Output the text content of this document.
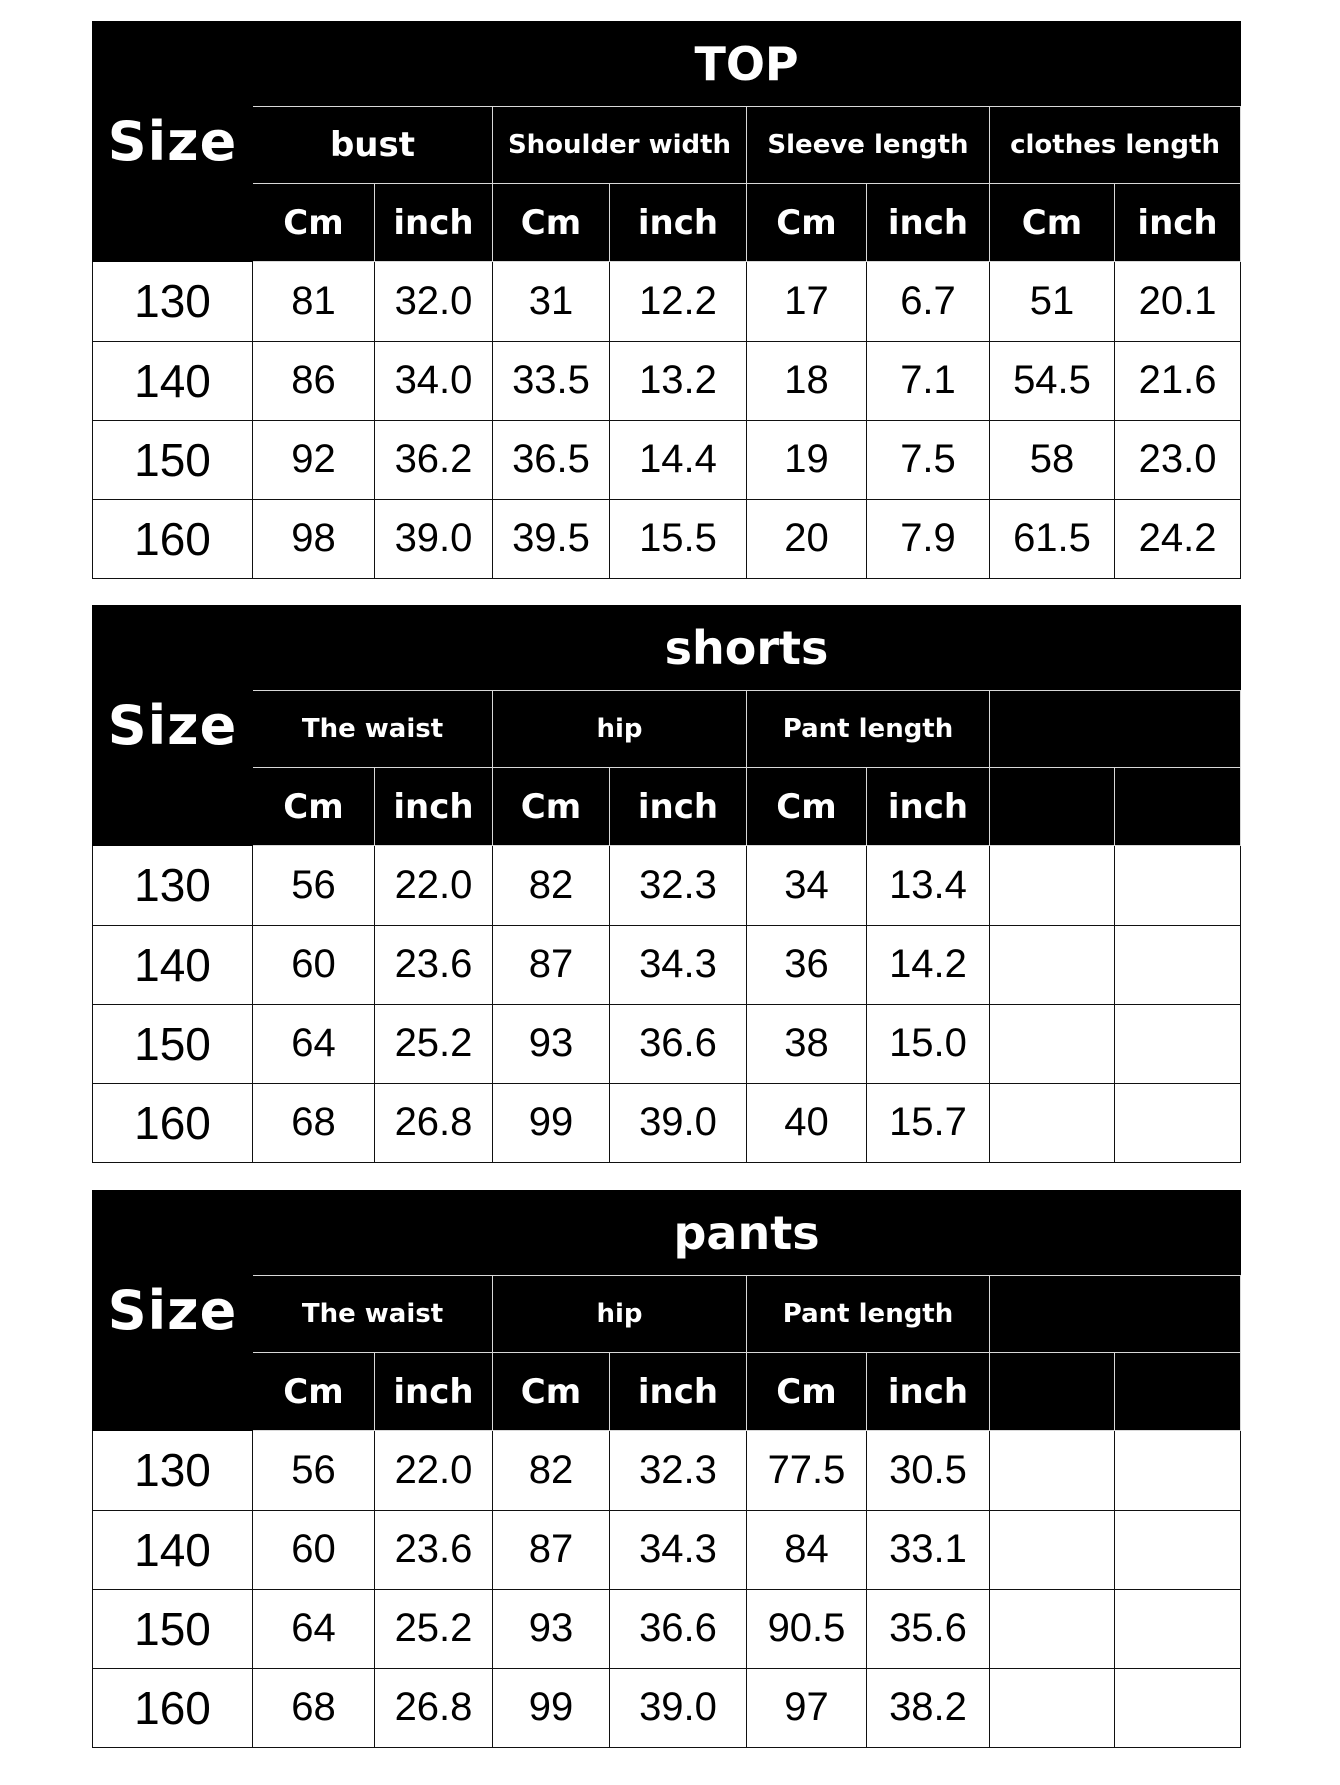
Size	TOP							
	bust		Shoulder width		Sleeve length		clothes length	
	Cm	inch	Cm	inch	Cm	inch	Cm	inch
130	81	32.0	31	12.2	17	6.7	51	20.1
140	86	34.0	33.5	13.2	18	7.1	54.5	21.6
150	92	36.2	36.5	14.4	19	7.5	58	23.0
160	98	39.0	39.5	15.5	20	7.9	61.5	24.2
Size	shorts							
	The waist		hip		Pant length			
	Cm	inch	Cm	inch	Cm	inch		
130	56	22.0	82	32.3	34	13.4		
140	60	23.6	87	34.3	36	14.2		
150	64	25.2	93	36.6	38	15.0		
160	68	26.8	99	39.0	40	15.7		
Size	pants							
	The waist		hip		Pant length			
	Cm	inch	Cm	inch	Cm	inch		
130	56	22.0	82	32.3	77.5	30.5		
140	60	23.6	87	34.3	84	33.1		
150	64	25.2	93	36.6	90.5	35.6		
160	68	26.8	99	39.0	97	38.2		
